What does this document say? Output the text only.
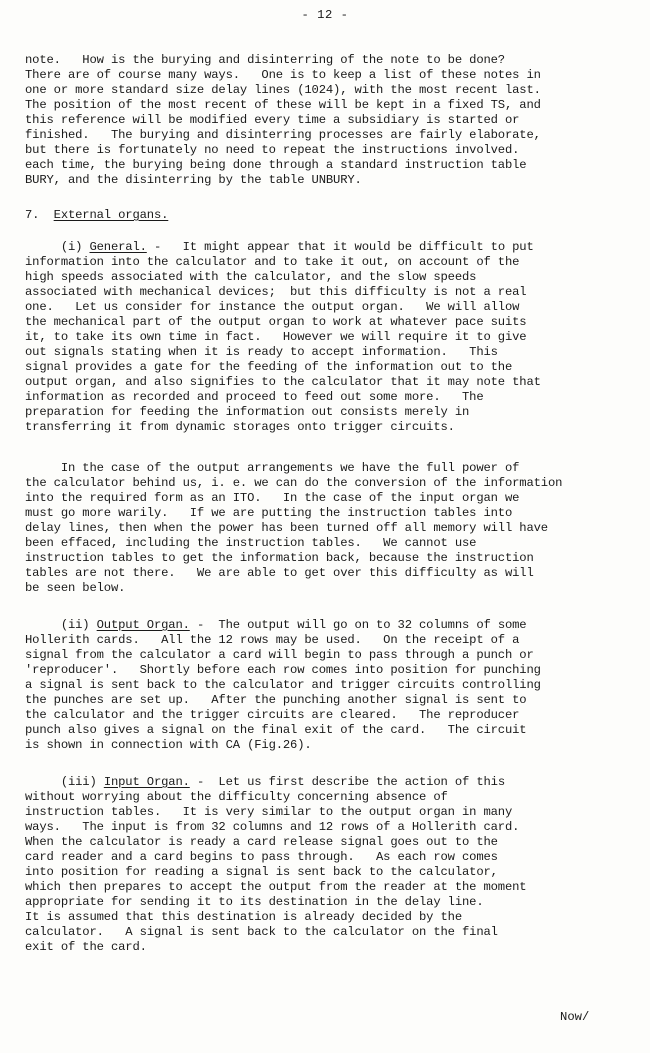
- 12 -
note.   How is the burying and disinterring of the note to be done?
There are of course many ways.   One is to keep a list of these notes in
one or more standard size delay lines (1024), with the most recent last.
The position of the most recent of these will be kept in a fixed TS, and
this reference will be modified every time a subsidiary is started or
finished.   The burying and disinterring processes are fairly elaborate,
but there is fortunately no need to repeat the instructions involved.
each time, the burying being done through a standard instruction table
BURY, and the disinterring by the table UNBURY.
7. External organs.
(i) General. -   It might appear that it would be difficult to put
information into the calculator and to take it out, on account of the
high speeds associated with the calculator, and the slow speeds
associated with mechanical devices;  but this difficulty is not a real
one.   Let us consider for instance the output organ.   We will allow
the mechanical part of the output organ to work at whatever pace suits
it, to take its own time in fact.   However we will require it to give
out signals stating when it is ready to accept information.   This
signal provides a gate for the feeding of the information out to the
output organ, and also signifies to the calculator that it may note that
information as recorded and proceed to feed out some more.   The
preparation for feeding the information out consists merely in
transferring it from dynamic storages onto trigger circuits.
In the case of the output arrangements we have the full power of
the calculator behind us, i. e. we can do the conversion of the information
into the required form as an ITO.   In the case of the input organ we
must go more warily.   If we are putting the instruction tables into
delay lines, then when the power has been turned off all memory will have
been effaced, including the instruction tables.   We cannot use
instruction tables to get the information back, because the instruction
tables are not there.   We are able to get over this difficulty as will
be seen below.
(ii) Output Organ. -  The output will go on to 32 columns of some
Hollerith cards.   All the 12 rows may be used.   On the receipt of a
signal from the calculator a card will begin to pass through a punch or
'reproducer'.   Shortly before each row comes into position for punching
a signal is sent back to the calculator and trigger circuits controlling
the punches are set up.   After the punching another signal is sent to
the calculator and the trigger circuits are cleared.   The reproducer
punch also gives a signal on the final exit of the card.   The circuit
is shown in connection with CA (Fig.26).
(iii) Input Organ. -  Let us first describe the action of this
without worrying about the difficulty concerning absence of
instruction tables.   It is very similar to the output organ in many
ways.   The input is from 32 columns and 12 rows of a Hollerith card.
When the calculator is ready a card release signal goes out to the
card reader and a card begins to pass through.   As each row comes
into position for reading a signal is sent back to the calculator,
which then prepares to accept the output from the reader at the moment
appropriate for sending it to its destination in the delay line.
It is assumed that this destination is already decided by the
calculator.   A signal is sent back to the calculator on the final
exit of the card.
Now/
